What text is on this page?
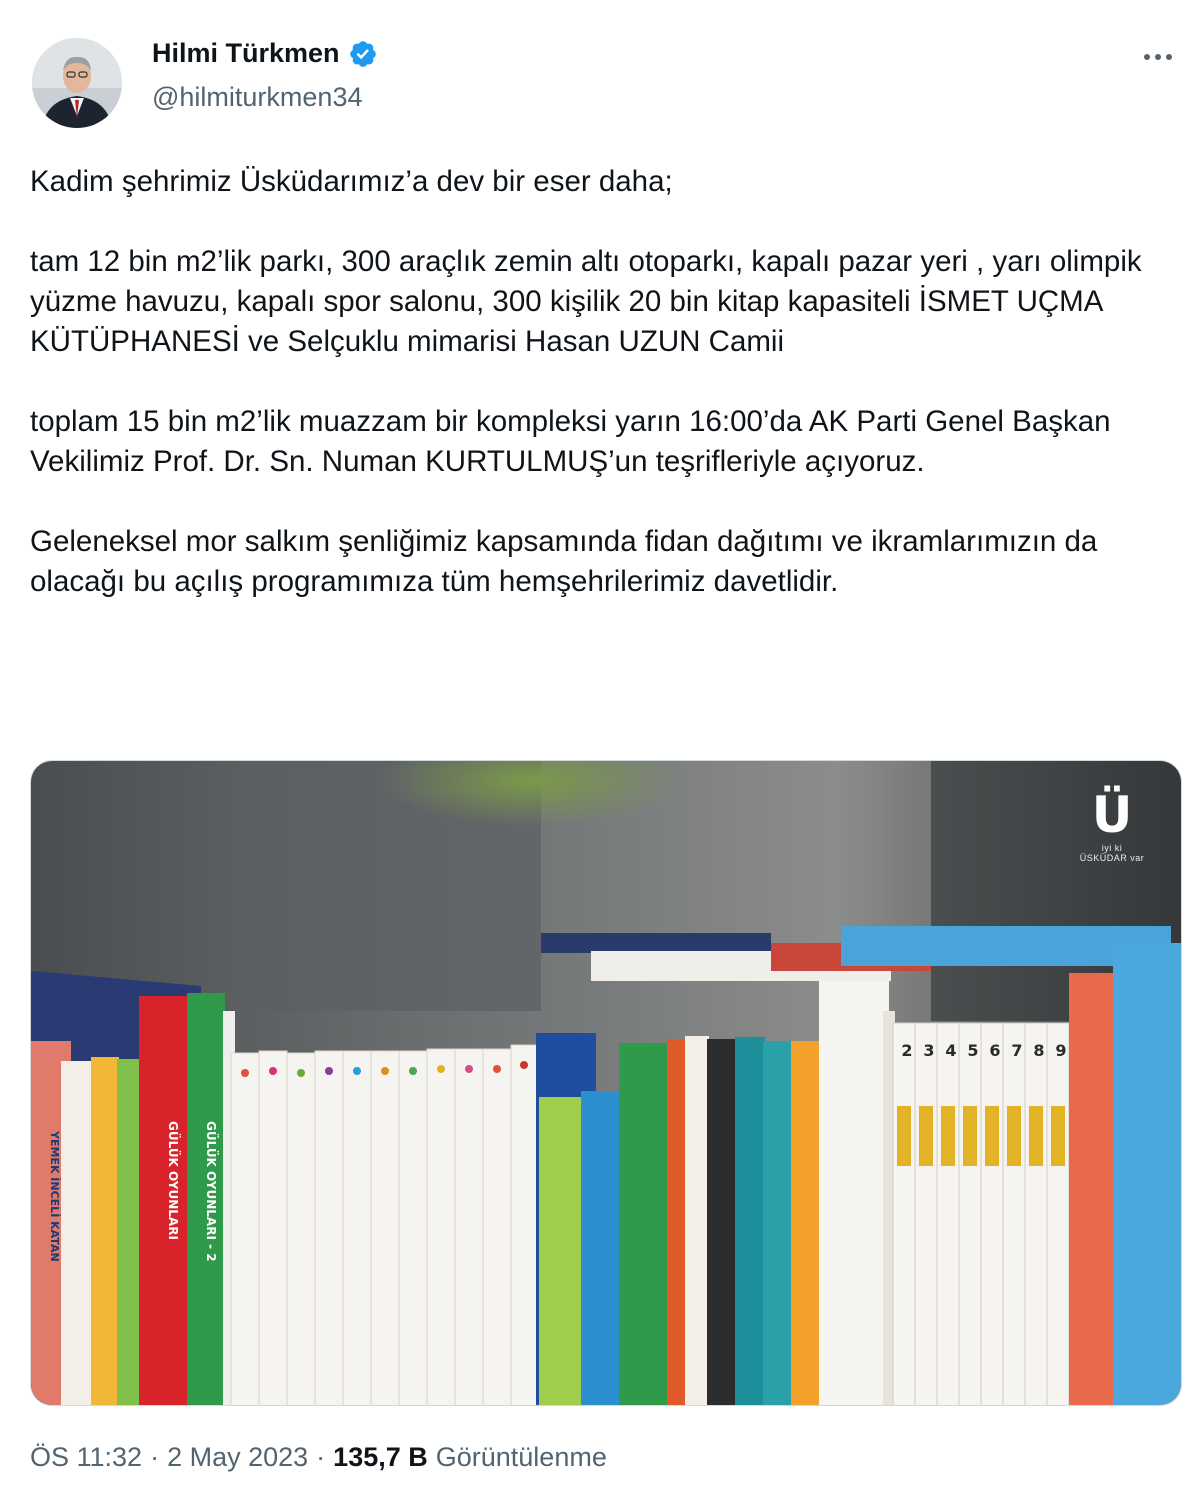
Hilmi Türkmen
@hilmiturkmen34

Kadim şehrimiz Üsküdarımız’a dev bir eser daha;

tam 12 bin m2’lik parkı, 300 araçlık zemin altı otoparkı, kapalı pazar yeri , yarı olimpik yüzme havuzu, kapalı spor salonu, 300 kişilik 20 bin kitap kapasiteli İSMET UÇMA KÜTÜPHANESİ ve Selçuklu mimarisi Hasan UZUN Camii

toplam 15 bin m2’lik muazzam bir kompleksi yarın 16:00’da AK Parti Genel Başkan Vekilimiz Prof. Dr. Sn. Numan KURTULMUŞ’un teşrifleriyle açıyoruz.

Geleneksel mor salkım şenliğimiz kapsamında fidan dağıtımı ve ikramlarımızın da olacağı bu açılış programımıza tüm hemşehrilerimiz davetlidir.

GÜLÜK OYUNLARI GÜLÜK OYUNLARI - 2
YEMEK İNCELİ KATAN
2 3 4 5 6 7 8 9
Ü
iyi ki ÜSKÜDAR var
ÖS 11:32 · 2 May 2023 · 135,7 B Görüntülenme
